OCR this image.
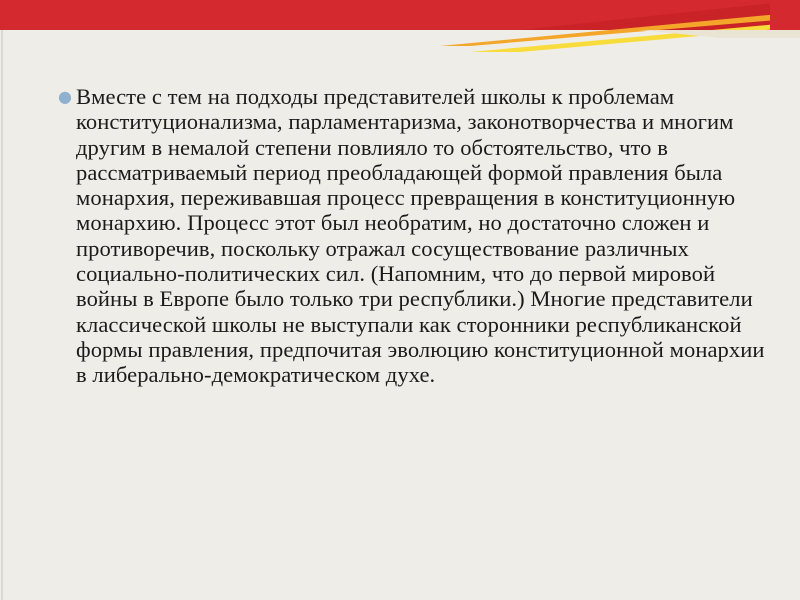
● Вместе с тем на подходы представителей школы к проблемам конституционализма, парламентаризма, законотворчества и многим другим в немалой степени повлияло то обстоятельство, что в рассматриваемый период преобладающей формой правления была монархия, переживавшая процесс превращения в конституционную монархию. Процесс этот был необратим, но достаточно сложен и противоречив, поскольку отражал сосуществование различных социально-политических сил. (Напомним, что до первой мировой войны в Европе было только три республики.) Многие представители классической школы не выступали как сторонники республиканской формы правления, предпочитая эволюцию конституционной монархии в либерально-демократическом духе.
